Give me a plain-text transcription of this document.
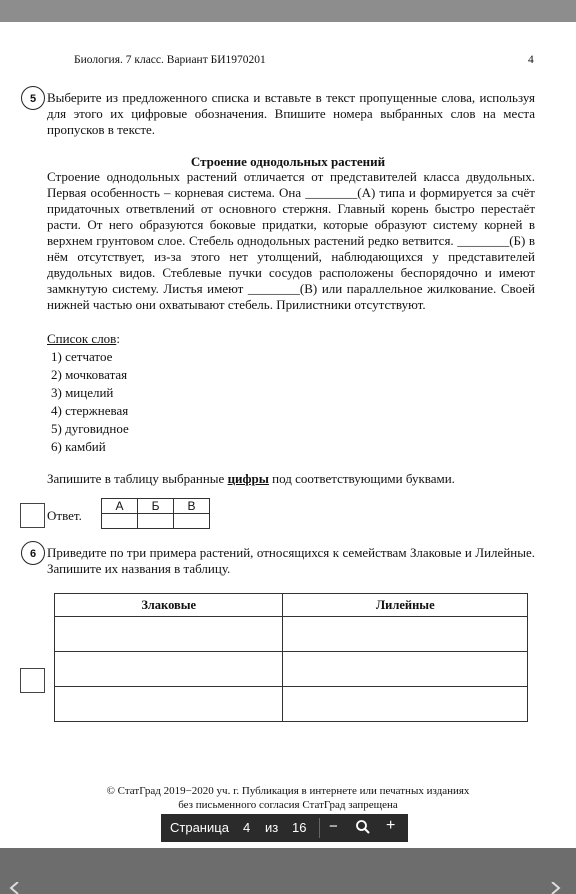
Биология. 7 класс. Вариант БИ1970201	4
5 Выберите из предложенного списка и вставьте в текст пропущенные слова, используя для этого их цифровые обозначения. Впишите номера выбранных слов на места пропусков в тексте.
Строение однодольных растений
Строение однодольных растений отличается от представителей класса двудольных. Первая особенность – корневая система. Она ________(А) типа и формируется за счёт придаточных ответвлений от основного стержня. Главный корень быстро перестаёт расти. От него образуются боковые придатки, которые образуют систему корней в верхнем грунтовом слое. Стебель однодольных растений редко ветвится. ________(Б) в нём отсутствует, из-за этого нет утолщений, наблюдающихся у представителей двудольных видов. Стеблевые пучки сосудов расположены беспорядочно и имеют замкнутую систему. Листья имеют ________(В) или параллельное жилкование. Своей нижней частью они охватывают стебель. Прилистники отсутствуют.
Список слов:
1) сетчатое
2) мочковатая
3) мицелий
4) стержневая
5) дуговидное
6) камбий
Запишите в таблицу выбранные цифры под соответствующими буквами.
Ответ.
А	Б	В

6 Приведите по три примера растений, относящихся к семействам Злаковые и Лилейные. Запишите их названия в таблицу.
Злаковые	Лилейные

© СтатГрад 2019−2020 уч. г. Публикация в интернете или печатных изданиях
без письменного согласия СтатГрад запрещена
Страница 4 из 16 −	+
